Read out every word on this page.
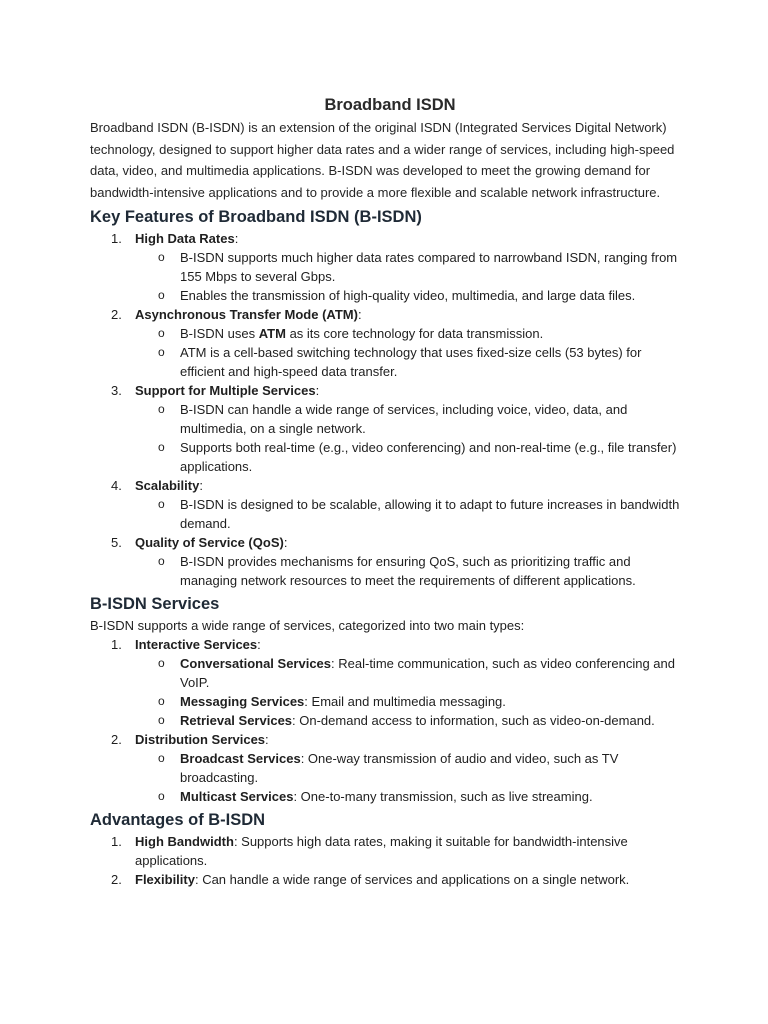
Broadband ISDN

Broadband ISDN (B-ISDN) is an extension of the original ISDN (Integrated Services Digital Network) technology, designed to support higher data rates and a wider range of services, including high-speed data, video, and multimedia applications. B-ISDN was developed to meet the growing demand for bandwidth-intensive applications and to provide a more flexible and scalable network infrastructure.

Key Features of Broadband ISDN (B-ISDN)
1. High Data Rates:
o B-ISDN supports much higher data rates compared to narrowband ISDN, ranging from 155 Mbps to several Gbps.
o Enables the transmission of high-quality video, multimedia, and large data files.
2. Asynchronous Transfer Mode (ATM):
o B-ISDN uses ATM as its core technology for data transmission.
o ATM is a cell-based switching technology that uses fixed-size cells (53 bytes) for efficient and high-speed data transfer.
3. Support for Multiple Services:
o B-ISDN can handle a wide range of services, including voice, video, data, and multimedia, on a single network.
o Supports both real-time (e.g., video conferencing) and non-real-time (e.g., file transfer) applications.
4. Scalability:
o B-ISDN is designed to be scalable, allowing it to adapt to future increases in bandwidth demand.
5. Quality of Service (QoS):
o B-ISDN provides mechanisms for ensuring QoS, such as prioritizing traffic and managing network resources to meet the requirements of different applications.
B-ISDN Services

B-ISDN supports a wide range of services, categorized into two main types:

1. Interactive Services:
o Conversational Services: Real-time communication, such as video conferencing and VoIP.
o Messaging Services: Email and multimedia messaging.
o Retrieval Services: On-demand access to information, such as video-on-demand.
2. Distribution Services:
o Broadcast Services: One-way transmission of audio and video, such as TV broadcasting.
o Multicast Services: One-to-many transmission, such as live streaming.
Advantages of B-ISDN
1. High Bandwidth: Supports high data rates, making it suitable for bandwidth-intensive applications.
2. Flexibility: Can handle a wide range of services and applications on a single network.
